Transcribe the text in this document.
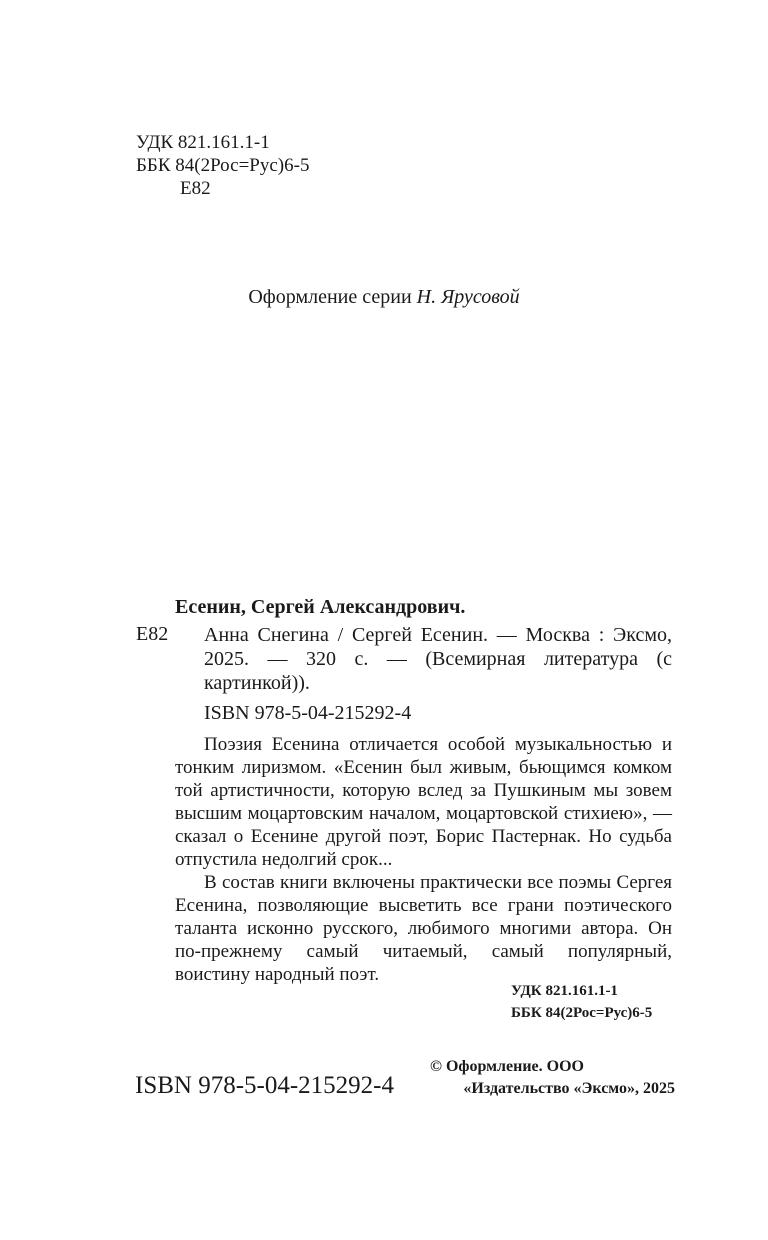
УДК 821.161.1-1
ББК 84(2Рос=Рус)6-5
Е82
Оформление серии Н. Ярусовой
Есенин, Сергей Александрович.
Е82 Анна Снегина / Сергей Есенин. — Москва : Эксмо, 2025. — 320 с. — (Всемирная литература (с картинкой)).

ISBN 978-5-04-215292-4

Поэзия Есенина отличается особой музыкальностью и тонким лиризмом. «Есенин был живым, бьющимся комком той артистичности, которую вслед за Пушкиным мы зовем высшим моцартовским началом, моцартовской стихиею», — сказал о Есенине другой поэт, Борис Пастернак. Но судьба отпустила недолгий срок...

В состав книги включены практически все поэмы Сергея Есенина, позволяющие высветить все грани поэтического таланта исконно русского, любимого многими автора. Он по-прежнему самый читаемый, самый популярный, воистину народный поэт.

УДК 821.161.1-1
ББК 84(2Рос=Рус)6-5
ISBN 978-5-04-215292-4
© Оформление. ООО
«Издательство «Эксмо», 2025
